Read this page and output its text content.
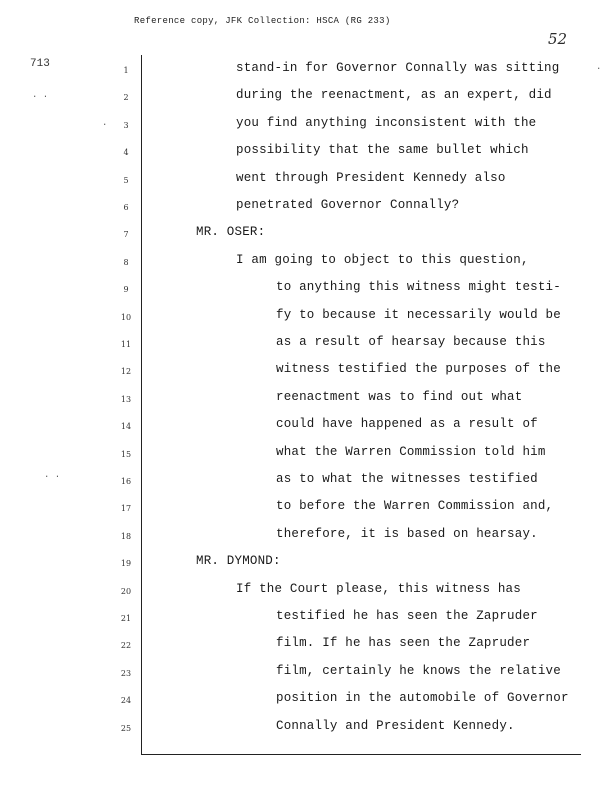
Reference copy, JFK Collection: HSCA (RG 233)
52
713
. .
.
. .
.
1	stand-in for Governor Connally was sitting
2	during the reenactment, as an expert, did
3	you find anything inconsistent with the
4	possibility that the same bullet which
5	went through President Kennedy also
6	penetrated Governor Connally?
7	MR. OSER:
8	I am going to object to this question,
9	to anything this witness might testi-
10	fy to because it necessarily would be
11	as a result of hearsay because this
12	witness testified the purposes of the
13	reenactment was to find out what
14	could have happened as a result of
15	what the Warren Commission told him
16	as to what the witnesses testified
17	to before the Warren Commission and,
18	therefore, it is based on hearsay.
19	MR. DYMOND:
20	If the Court please, this witness has
21	testified he has seen the Zapruder
22	film. If he has seen the Zapruder
23	film, certainly he knows the relative
24	position in the automobile of Governor
25	Connally and President Kennedy.
